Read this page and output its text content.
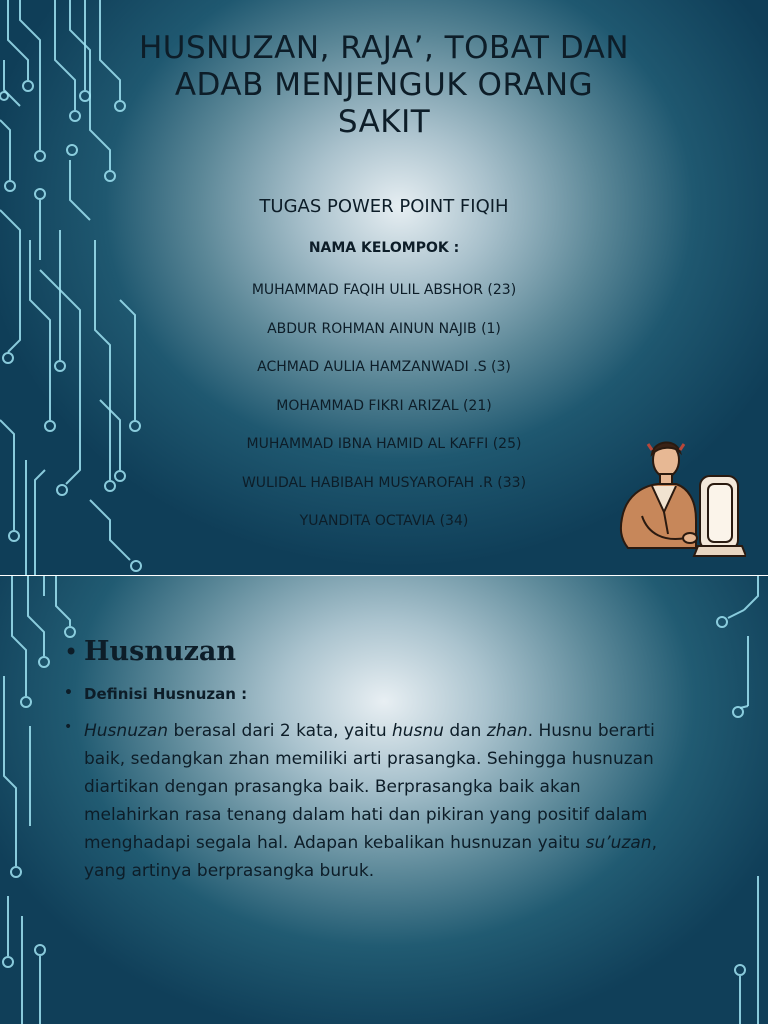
HUSNUZAN, RAJA’, TOBAT DAN
ADAB MENJENGUK ORANG
SAKIT
TUGAS POWER POINT FIQIH
NAMA KELOMPOK :
MUHAMMAD FAQIH ULIL ABSHOR (23)
ABDUR ROHMAN AINUN NAJIB (1)
ACHMAD AULIA HAMZANWADI .S (3)
MOHAMMAD FIKRI ARIZAL (21)
MUHAMMAD IBNA HAMID AL KAFFI (25)
WULIDAL HABIBAH MUSYAROFAH .R (33)
YUANDITA OCTAVIA (34)
• Husnuzan
• Definisi Husnuzan :
• Husnuzan berasal dari 2 kata, yaitu husnu dan zhan. Husnu berarti baik, sedangkan zhan memiliki arti prasangka. Sehingga husnuzan diartikan dengan prasangka baik. Berprasangka baik akan melahirkan rasa tenang dalam hati dan pikiran yang positif dalam menghadapi segala hal. Adapan kebalikan husnuzan yaitu su’uzan, yang artinya berprasangka buruk.
